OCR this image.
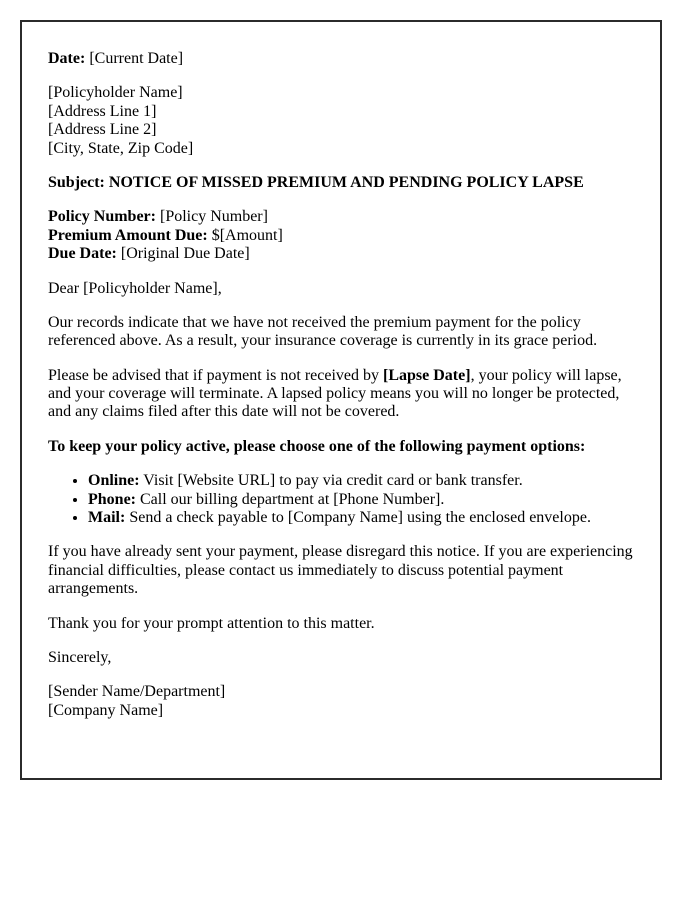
Date: [Current Date]

[Policyholder Name]
[Address Line 1]
[Address Line 2]
[City, State, Zip Code]

Subject: NOTICE OF MISSED PREMIUM AND PENDING POLICY LAPSE

Policy Number: [Policy Number]
Premium Amount Due: $[Amount]
Due Date: [Original Due Date]

Dear [Policyholder Name],

Our records indicate that we have not received the premium payment for the policy referenced above. As a result, your insurance coverage is currently in its grace period.

Please be advised that if payment is not received by [Lapse Date], your policy will lapse, and your coverage will terminate. A lapsed policy means you will no longer be protected, and any claims filed after this date will not be covered.

To keep your policy active, please choose one of the following payment options:

• Online: Visit [Website URL] to pay via credit card or bank transfer.
• Phone: Call our billing department at [Phone Number].
• Mail: Send a check payable to [Company Name] using the enclosed envelope.

If you have already sent your payment, please disregard this notice. If you are experiencing financial difficulties, please contact us immediately to discuss potential payment arrangements.

Thank you for your prompt attention to this matter.

Sincerely,

[Sender Name/Department]
[Company Name]
